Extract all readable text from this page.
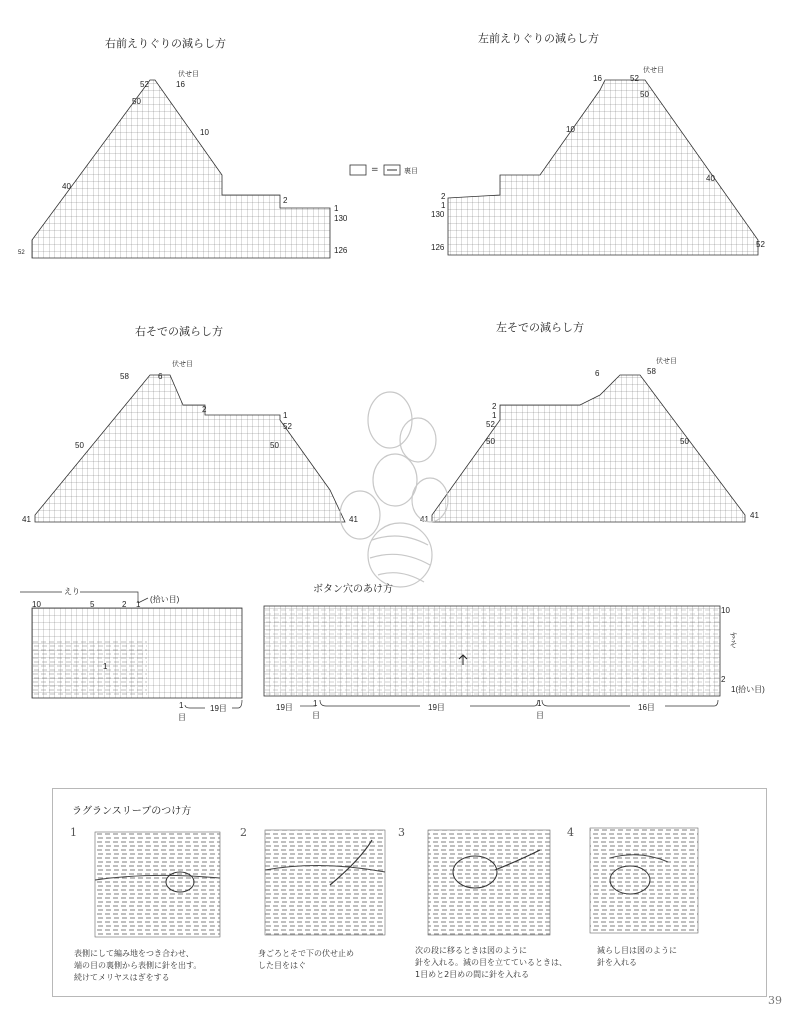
右前えりぐりの減らし方	左前えりぐりの減らし方
=	裏目
伏せ目
52	16
50
10
40
2
1
130
126
52
伏せ目
16	52
50
10
40
2
1
130
126	52
右そでの減らし方	左そでの減らし方
伏せ目
58	6
2
1
52
50	50
41	41
伏せ目
6	58
2
1
52
50	50
41	41
えり
(拾い目)
10	5	2 1
1
1
目
19目
ボタン穴のあけ方
10
すそ
2
1(拾い目)
19目	1
目
19目	1
目
16目
ラグランスリーブのつけ方
1
表側にして編み地をつき合わせ、
端の目の裏側から表側に針を出す。
続けてメリヤスはぎをする
2
身ごろとそで下の伏せ止め
した目をはぐ
3
次の段に移るときは図のように
針を入れる。減の目を立てているときは、
1目めと2目めの間に針を入れる
4
減らし目は図のように
針を入れる
39
